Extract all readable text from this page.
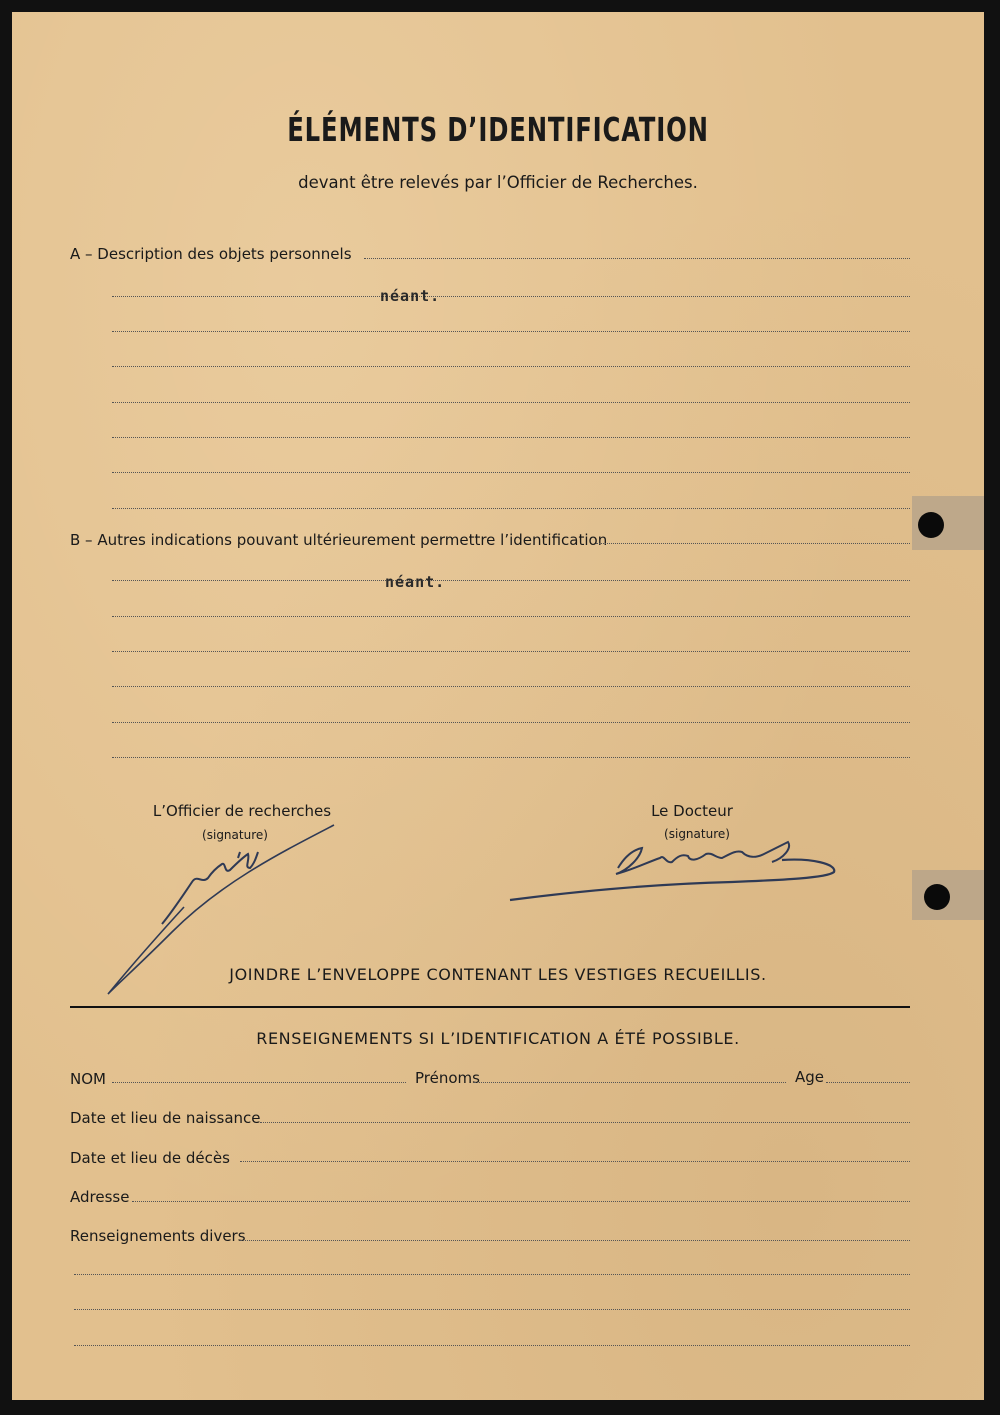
ÉLÉMENTS D’IDENTIFICATION
devant être relevés par l’Officier de Recherches.
A – Description des objets personnels
néant.
B – Autres indications pouvant ultérieurement permettre l’identification
néant.
L’Officier de recherches
(signature)
Le Docteur
(signature)
JOINDRE L’ENVELOPPE CONTENANT LES VESTIGES RECUEILLIS.
RENSEIGNEMENTS SI L’IDENTIFICATION A ÉTÉ POSSIBLE.
NOM	Prénoms	Age
Date et lieu de naissance
Date et lieu de décès
Adresse
Renseignements divers
